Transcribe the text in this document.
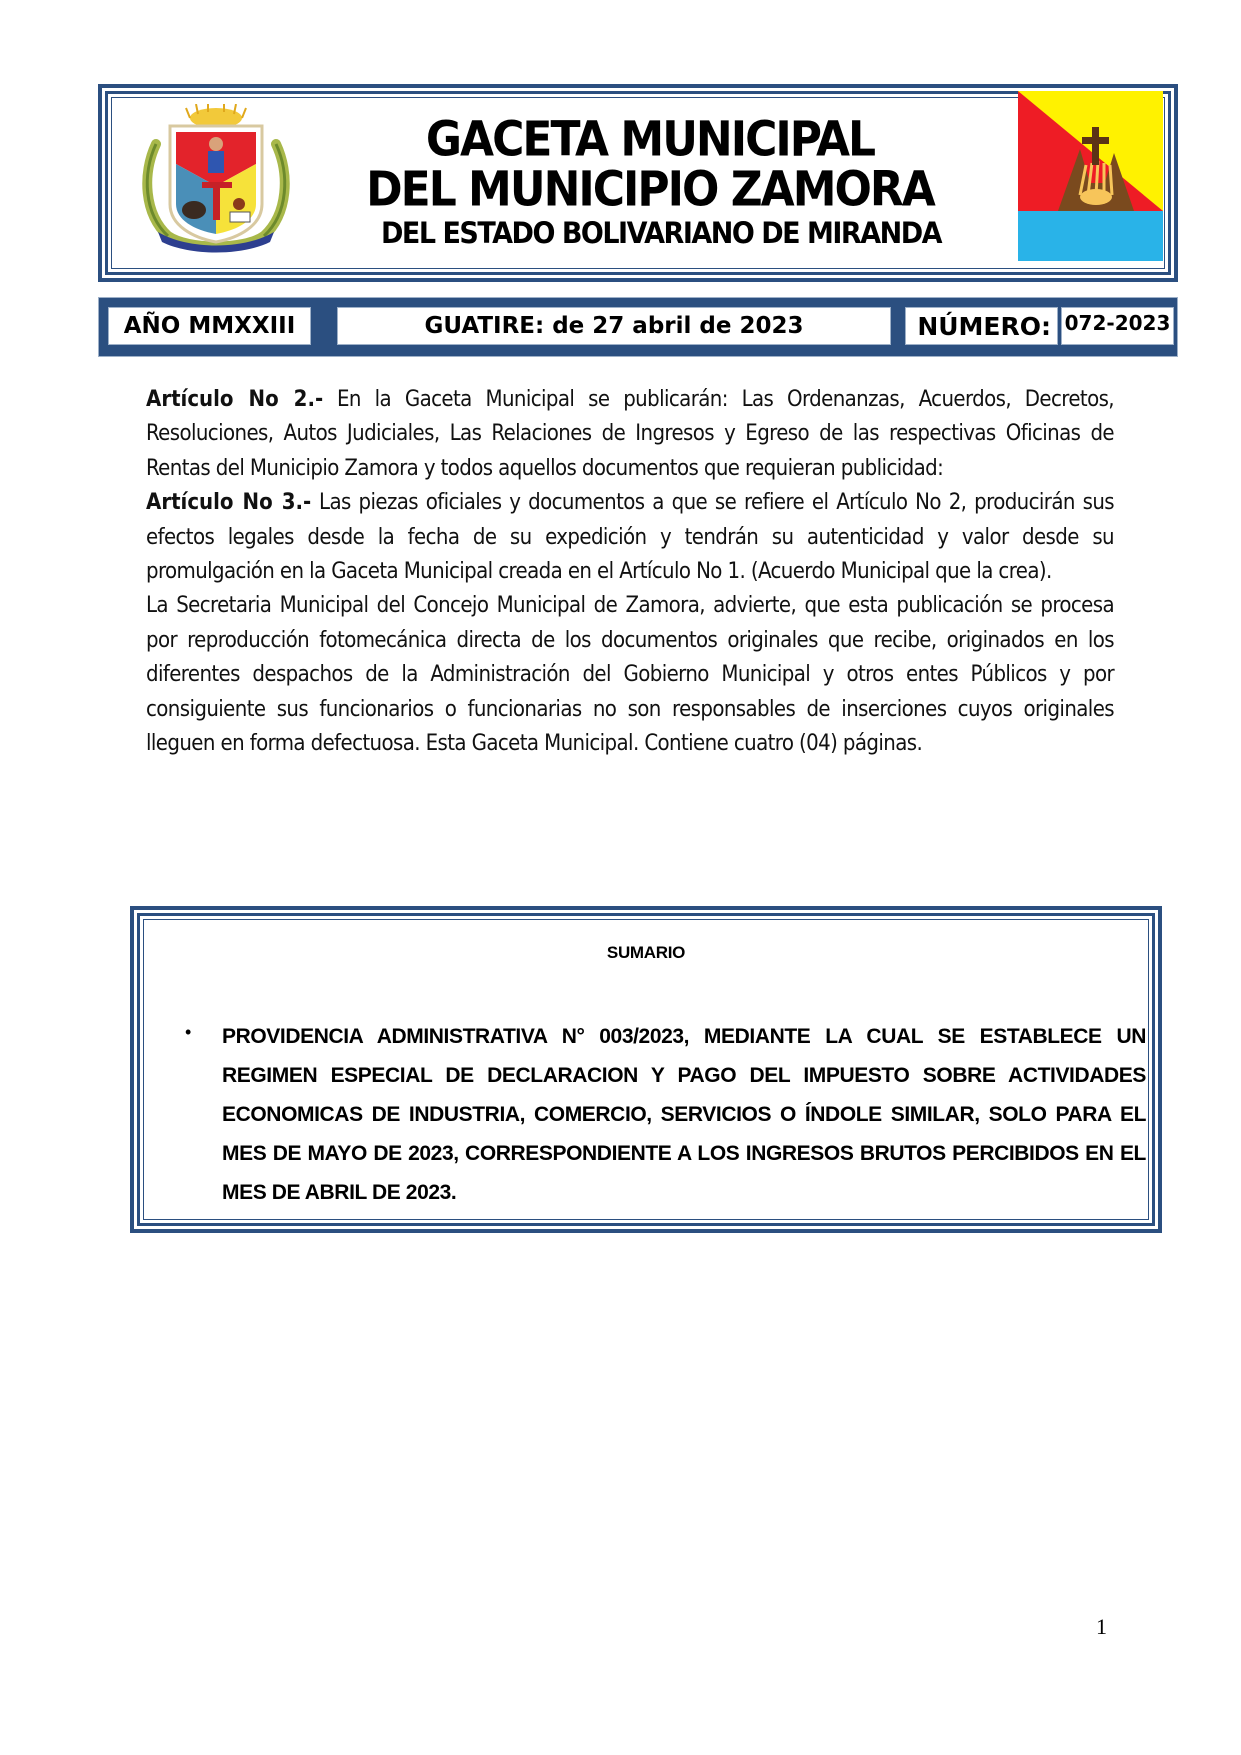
GACETA MUNICIPAL
DEL MUNICIPIO ZAMORA
DEL ESTADO BOLIVARIANO DE MIRANDA
AÑO MMXXIII	GUATIRE: de 27 abril de 2023	NÚMERO: 072-2023

Artículo No 2.- En la Gaceta Municipal se publicarán: Las Ordenanzas, Acuerdos, Decretos, Resoluciones, Autos Judiciales, Las Relaciones de Ingresos y Egreso de las respectivas Oficinas de Rentas del Municipio Zamora y todos aquellos documentos que requieran publicidad:

Artículo No 3.- Las piezas oficiales y documentos a que se refiere el Artículo No 2, producirán sus efectos legales desde la fecha de su expedición y tendrán su autenticidad y valor desde su promulgación en la Gaceta Municipal creada en el Artículo No 1. (Acuerdo Municipal que la crea).

La Secretaria Municipal del Concejo Municipal de Zamora, advierte, que esta publicación se procesa por reproducción fotomecánica directa de los documentos originales que recibe, originados en los diferentes despachos de la Administración del Gobierno Municipal y otros entes Públicos y por consiguiente sus funcionarios o funcionarias no son responsables de inserciones cuyos originales lleguen en forma defectuosa. Esta Gaceta Municipal. Contiene cuatro (04) páginas.

SUMARIO
• PROVIDENCIA ADMINISTRATIVA N° 003/2023, MEDIANTE LA CUAL SE ESTABLECE UN REGIMEN ESPECIAL DE DECLARACION Y PAGO DEL IMPUESTO SOBRE ACTIVIDADES ECONOMICAS DE INDUSTRIA, COMERCIO, SERVICIOS O ÍNDOLE SIMILAR, SOLO PARA EL MES DE MAYO DE 2023, CORRESPONDIENTE A LOS INGRESOS BRUTOS PERCIBIDOS EN EL MES DE ABRIL DE 2023.
1
